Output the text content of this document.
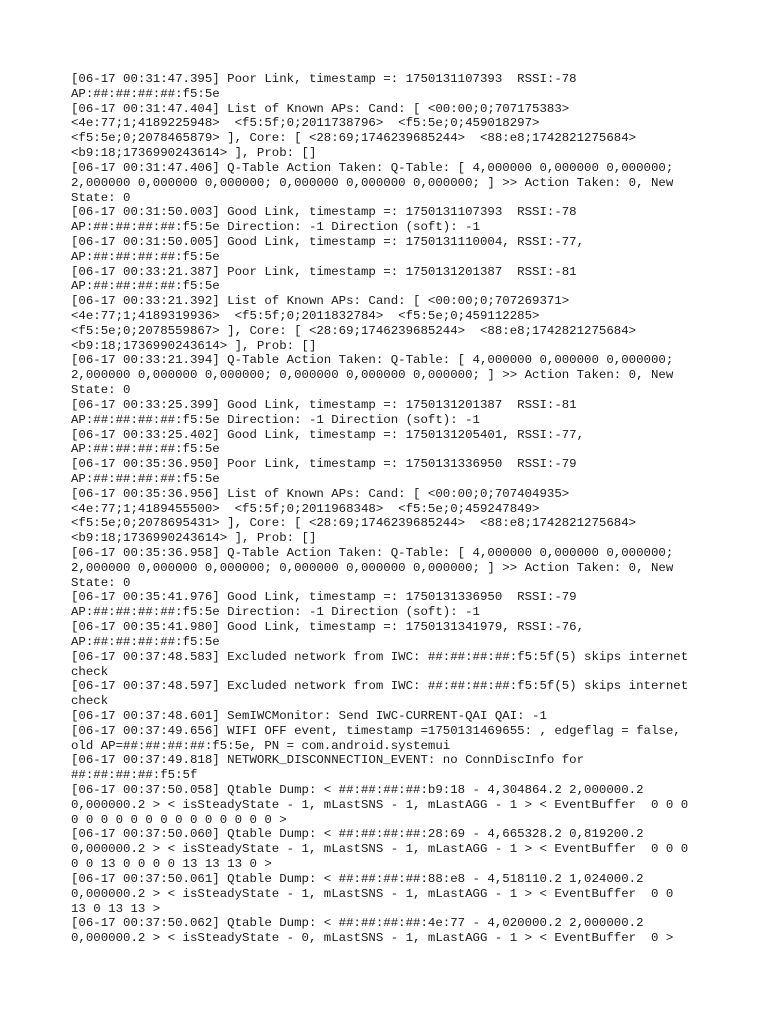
[06-17 00:31:47.395] Poor Link, timestamp =: 1750131107393  RSSI:-78
AP:##:##:##:##:f5:5e
[06-17 00:31:47.404] List of Known APs: Cand: [ <00:00;0;707175383>
<4e:77;1;4189225948>  <f5:5f;0;2011738796>  <f5:5e;0;459018297>
<f5:5e;0;2078465879> ], Core: [ <28:69;1746239685244>  <88:e8;1742821275684>
<b9:18;1736990243614> ], Prob: []
[06-17 00:31:47.406] Q-Table Action Taken: Q-Table: [ 4,000000 0,000000 0,000000;
2,000000 0,000000 0,000000; 0,000000 0,000000 0,000000; ] >> Action Taken: 0, New
State: 0
[06-17 00:31:50.003] Good Link, timestamp =: 1750131107393  RSSI:-78
AP:##:##:##:##:f5:5e Direction: -1 Direction (soft): -1
[06-17 00:31:50.005] Good Link, timestamp =: 1750131110004, RSSI:-77,
AP:##:##:##:##:f5:5e
[06-17 00:33:21.387] Poor Link, timestamp =: 1750131201387  RSSI:-81
AP:##:##:##:##:f5:5e
[06-17 00:33:21.392] List of Known APs: Cand: [ <00:00;0;707269371>
<4e:77;1;4189319936>  <f5:5f;0;2011832784>  <f5:5e;0;459112285>
<f5:5e;0;2078559867> ], Core: [ <28:69;1746239685244>  <88:e8;1742821275684>
<b9:18;1736990243614> ], Prob: []
[06-17 00:33:21.394] Q-Table Action Taken: Q-Table: [ 4,000000 0,000000 0,000000;
2,000000 0,000000 0,000000; 0,000000 0,000000 0,000000; ] >> Action Taken: 0, New
State: 0
[06-17 00:33:25.399] Good Link, timestamp =: 1750131201387  RSSI:-81
AP:##:##:##:##:f5:5e Direction: -1 Direction (soft): -1
[06-17 00:33:25.402] Good Link, timestamp =: 1750131205401, RSSI:-77,
AP:##:##:##:##:f5:5e
[06-17 00:35:36.950] Poor Link, timestamp =: 1750131336950  RSSI:-79
AP:##:##:##:##:f5:5e
[06-17 00:35:36.956] List of Known APs: Cand: [ <00:00;0;707404935>
<4e:77;1;4189455500>  <f5:5f;0;2011968348>  <f5:5e;0;459247849>
<f5:5e;0;2078695431> ], Core: [ <28:69;1746239685244>  <88:e8;1742821275684>
<b9:18;1736990243614> ], Prob: []
[06-17 00:35:36.958] Q-Table Action Taken: Q-Table: [ 4,000000 0,000000 0,000000;
2,000000 0,000000 0,000000; 0,000000 0,000000 0,000000; ] >> Action Taken: 0, New
State: 0
[06-17 00:35:41.976] Good Link, timestamp =: 1750131336950  RSSI:-79
AP:##:##:##:##:f5:5e Direction: -1 Direction (soft): -1
[06-17 00:35:41.980] Good Link, timestamp =: 1750131341979, RSSI:-76,
AP:##:##:##:##:f5:5e
[06-17 00:37:48.583] Excluded network from IWC: ##:##:##:##:f5:5f(5) skips internet
check
[06-17 00:37:48.597] Excluded network from IWC: ##:##:##:##:f5:5f(5) skips internet
check
[06-17 00:37:48.601] SemIWCMonitor: Send IWC-CURRENT-QAI QAI: -1
[06-17 00:37:49.656] WIFI OFF event, timestamp =1750131469655: , edgeflag = false,
old AP=##:##:##:##:f5:5e, PN = com.android.systemui
[06-17 00:37:49.818] NETWORK_DISCONNECTION_EVENT: no ConnDiscInfo for
##:##:##:##:f5:5f
[06-17 00:37:50.058] Qtable Dump: < ##:##:##:##:b9:18 - 4,304864.2 2,000000.2
0,000000.2 > < isSteadyState - 1, mLastSNS - 1, mLastAGG - 1 > < EventBuffer  0 0 0
0 0 0 0 0 0 0 0 0 0 0 0 0 0 >
[06-17 00:37:50.060] Qtable Dump: < ##:##:##:##:28:69 - 4,665328.2 0,819200.2
0,000000.2 > < isSteadyState - 1, mLastSNS - 1, mLastAGG - 1 > < EventBuffer  0 0 0
0 0 13 0 0 0 0 13 13 13 0 >
[06-17 00:37:50.061] Qtable Dump: < ##:##:##:##:88:e8 - 4,518110.2 1,024000.2
0,000000.2 > < isSteadyState - 1, mLastSNS - 1, mLastAGG - 1 > < EventBuffer  0 0
13 0 13 13 >
[06-17 00:37:50.062] Qtable Dump: < ##:##:##:##:4e:77 - 4,020000.2 2,000000.2
0,000000.2 > < isSteadyState - 0, mLastSNS - 1, mLastAGG - 1 > < EventBuffer  0 >
